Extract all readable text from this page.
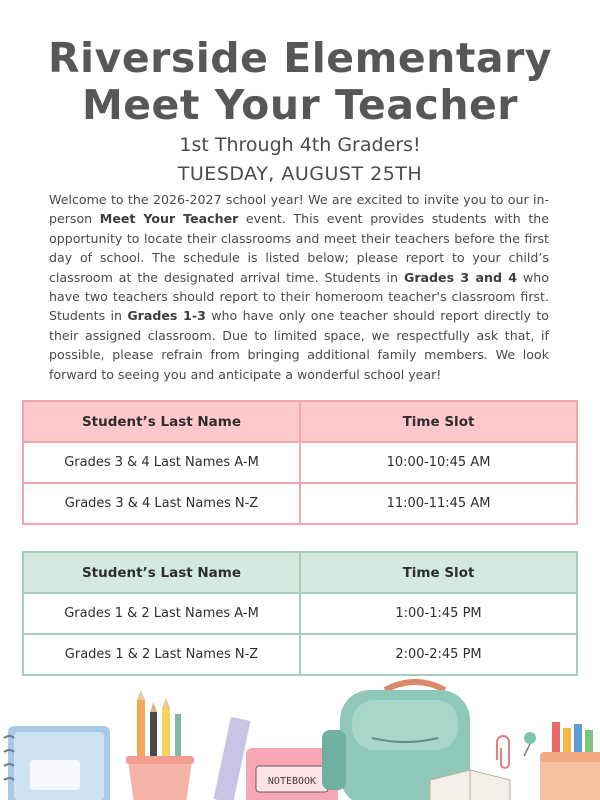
Riverside Elementary
Meet Your Teacher
1st Through 4th Graders!
TUESDAY, AUGUST 25TH
Welcome to the 2026-2027 school year! We are excited to invite you to our in-person Meet Your Teacher event. This event provides students with the opportunity to locate their classrooms and meet their teachers before the first day of school. The schedule is listed below; please report to your child’s classroom at the designated arrival time. Students in Grades 3 and 4 who have two teachers should report to their homeroom teacher's classroom first. Students in Grades 1-3 who have only one teacher should report directly to their assigned classroom. Due to limited space, we respectfully ask that, if possible, please refrain from bringing additional family members. We look forward to seeing you and anticipate a wonderful school year!
Student’s Last Name	Time Slot
Grades 3 & 4 Last Names A-M	10:00-10:45 AM
Grades 3 & 4 Last Names N-Z	11:00-11:45 AM
Student’s Last Name	Time Slot
Grades 1 & 2 Last Names A-M	1:00-1:45 PM
Grades 1 & 2 Last Names N-Z	2:00-2:45 PM
NOTEBOOK
